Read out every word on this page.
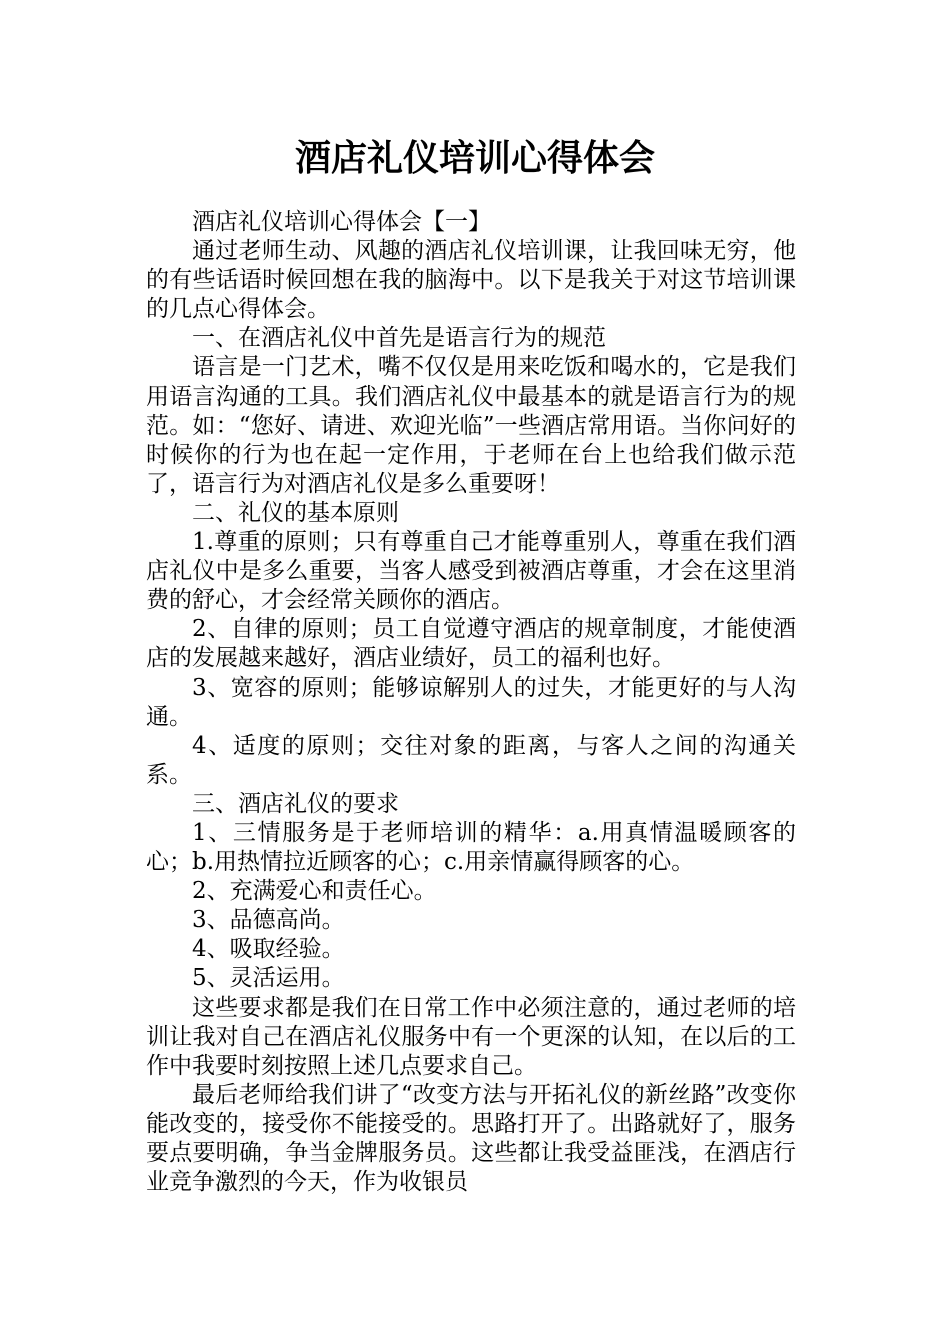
酒店礼仪培训心得体会

酒店礼仪培训心得体会【一】

通过老师生动、风趣的酒店礼仪培训课，让我回味无穷，他的有些话语时候回想在我的脑海中。以下是我关于对这节培训课的几点心得体会。

一、在酒店礼仪中首先是语言行为的规范

语言是一门艺术，嘴不仅仅是用来吃饭和喝水的，它是我们用语言沟通的工具。我们酒店礼仪中最基本的就是语言行为的规范。如：“您好、请进、欢迎光临”一些酒店常用语。当你问好的时候你的行为也在起一定作用，于老师在台上也给我们做示范了，语言行为对酒店礼仪是多么重要呀！

二、礼仪的基本原则

1.尊重的原则；只有尊重自己才能尊重别人，尊重在我们酒店礼仪中是多么重要，当客人感受到被酒店尊重，才会在这里消费的舒心，才会经常关顾你的酒店。

2、自律的原则；员工自觉遵守酒店的规章制度，才能使酒店的发展越来越好，酒店业绩好，员工的福利也好。

3、宽容的原则；能够谅解别人的过失，才能更好的与人沟通。

4、适度的原则；交往对象的距离，与客人之间的沟通关系。

三、酒店礼仪的要求

1、三情服务是于老师培训的精华：a.用真情温暖顾客的心；b.用热情拉近顾客的心；c.用亲情赢得顾客的心。

2、充满爱心和责任心。

3、品德高尚。

4、吸取经验。

5、灵活运用。

这些要求都是我们在日常工作中必须注意的，通过老师的培训让我对自己在酒店礼仪服务中有一个更深的认知，在以后的工作中我要时刻按照上述几点要求自己。

最后老师给我们讲了“改变方法与开拓礼仪的新丝路”改变你能改变的，接受你不能接受的。思路打开了。出路就好了，服务要点要明确，争当金牌服务员。这些都让我受益匪浅，在酒店行业竞争激烈的今天，作为收银员
